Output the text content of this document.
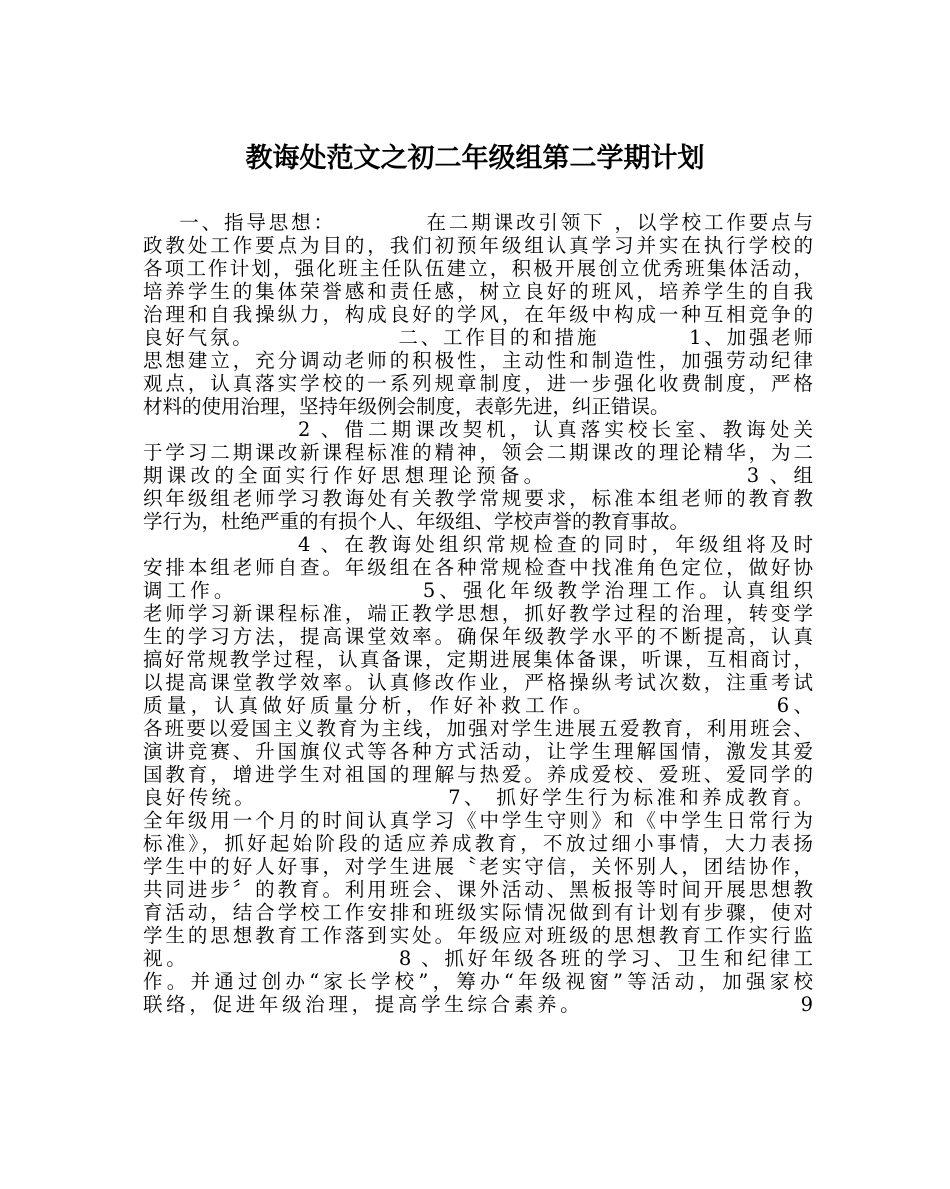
教诲处范文之初二年级组第二学期计划
一、指导思想：          在二期课改引领下 ，以学校工作要点与
政教处工作要点为目的，我们初预年级组认真学习并实在执行学校的
各项工作计划，强化班主任队伍建立，积极开展创立优秀班集体活动，
培养学生的集体荣誉感和责任感，树立良好的班风，培养学生的自我
治理和自我操纵力，构成良好的学风，在年级中构成一种互相竞争的
良好气氛。                二、工作目的和措施          1、加强老师
思想建立，充分调动老师的积极性，主动性和制造性，加强劳动纪律
观点，认真落实学校的一系列规章制度，进一步强化收费制度，严格
材料的使用治理，坚持年级例会制度，表彰先进，纠正错误。
2 、借二期课改契机，认真落实校长室、教诲处关
于学习二期课改新课程标准的精神，领会二期课改的理论精华，为二
期课改的全面实行作好思想理论预备。                   3 、组
织年级组老师学习教诲处有关教学常规要求，标准本组老师的教育教
学行为，杜绝严重的有损个人、年级组、学校声誉的教育事故。
4 、在教诲处组织常规检查的同时，年级组将及时
安排本组老师自查。年级组在各种常规检查中找准角色定位，做好协
调工作。                  5、强化年级教学治理工作。认真组织
老师学习新课程标准，端正教学思想，抓好教学过程的治理，转变学
生的学习方法，提高课堂效率。确保年级教学水平的不断提高，认真
搞好常规教学过程，认真备课，定期进展集体备课，听课，互相商讨，
以提高课堂教学效率。认真修改作业，严格操纵考试次数，注重考试
质量，认真做好质量分析，作好补救工作。                 6、
各班要以爱国主义教育为主线，加强对学生进展五爱教育，利用班会、
演讲竞赛、升国旗仪式等各种方式活动，让学生理解国情，激发其爱
国教育，增进学生对祖国的理解与热爱。养成爱校、爱班、爱同学的
良好传统。                    7、 抓好学生行为标准和养成教育。
全年级用一个月的时间认真学习《中学生守则》和《中学生日常行为
标准》，抓好起始阶段的适应养成教育，不放过细小事情，大力表扬
学生中的好人好事，对学生进展〝老实守信，关怀别人，团结协作，
共同进步〞的教育。利用班会、课外活动、黑板报等时间开展思想教
育活动，结合学校工作安排和班级实际情况做到有计划有步骤，使对
学生的思想教育工作落到实处。年级应对班级的思想教育工作实行监
视。                     8 、抓好年级各班的学习、卫生和纪律工
作。并通过创办“家长学校”，筹办“年级视窗”等活动，加强家校
联络，促进年级治理，提高学生综合素养。                      9
